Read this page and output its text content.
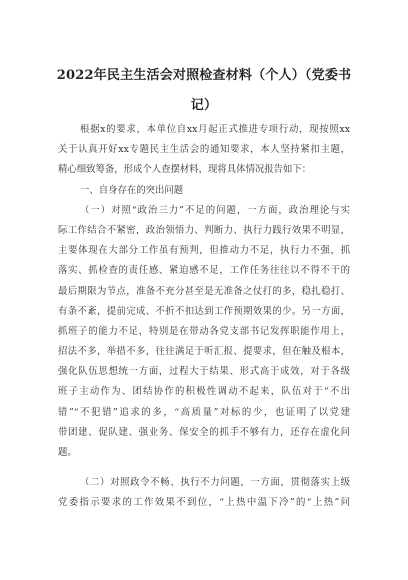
2022年民主生活会对照检查材料（个人）（党委书
记）
根据x的要求，本单位自xx月起正式推进专项行动，现按照xx
关于认真开好xx专题民主生活会的通知要求，本人坚持紧扣主题，
精心细致筹备，形成个人查摆材料，现将具体情况报告如下：
一、自身存在的突出问题
（一）对照“政治三力”不足的问题，一方面，政治理论与实
际工作结合不紧密，政治领悟力、判断力、执行力践行效果不明显，
主要体现在大部分工作虽有预判，但推动力不足，执行力不强，抓
落实、抓检查的责任感、紧迫感不足，工作任务往往以不得不干的
最后期限为节点，准备不充分甚至是无准备之仗打的多，稳扎稳打、
有条不紊，提前完成、不折不扣达到工作预期效果的少。另一方面，
抓班子的能力不足，特别是在带动各党支部书记发挥职能作用上，
招法不多，举措不多，往往满足于听汇报、提要求，但在触及根本，
强化队伍思想统一方面，过程大于结果、形式高于成效，对于各级
班子主动作为、团结协作的积极性调动不起来，队伍对于“不出
错”“不犯错”追求的多，“高质量”对标的少，也证明了以党建
带团建、促队建、强业务、保安全的抓手不够有力，还存在虚化问
题。
（二）对照政令不畅、执行不力问题，一方面，贯彻落实上级
党委指示要求的工作效果不到位，“上热中温下冷”的“上热”问
